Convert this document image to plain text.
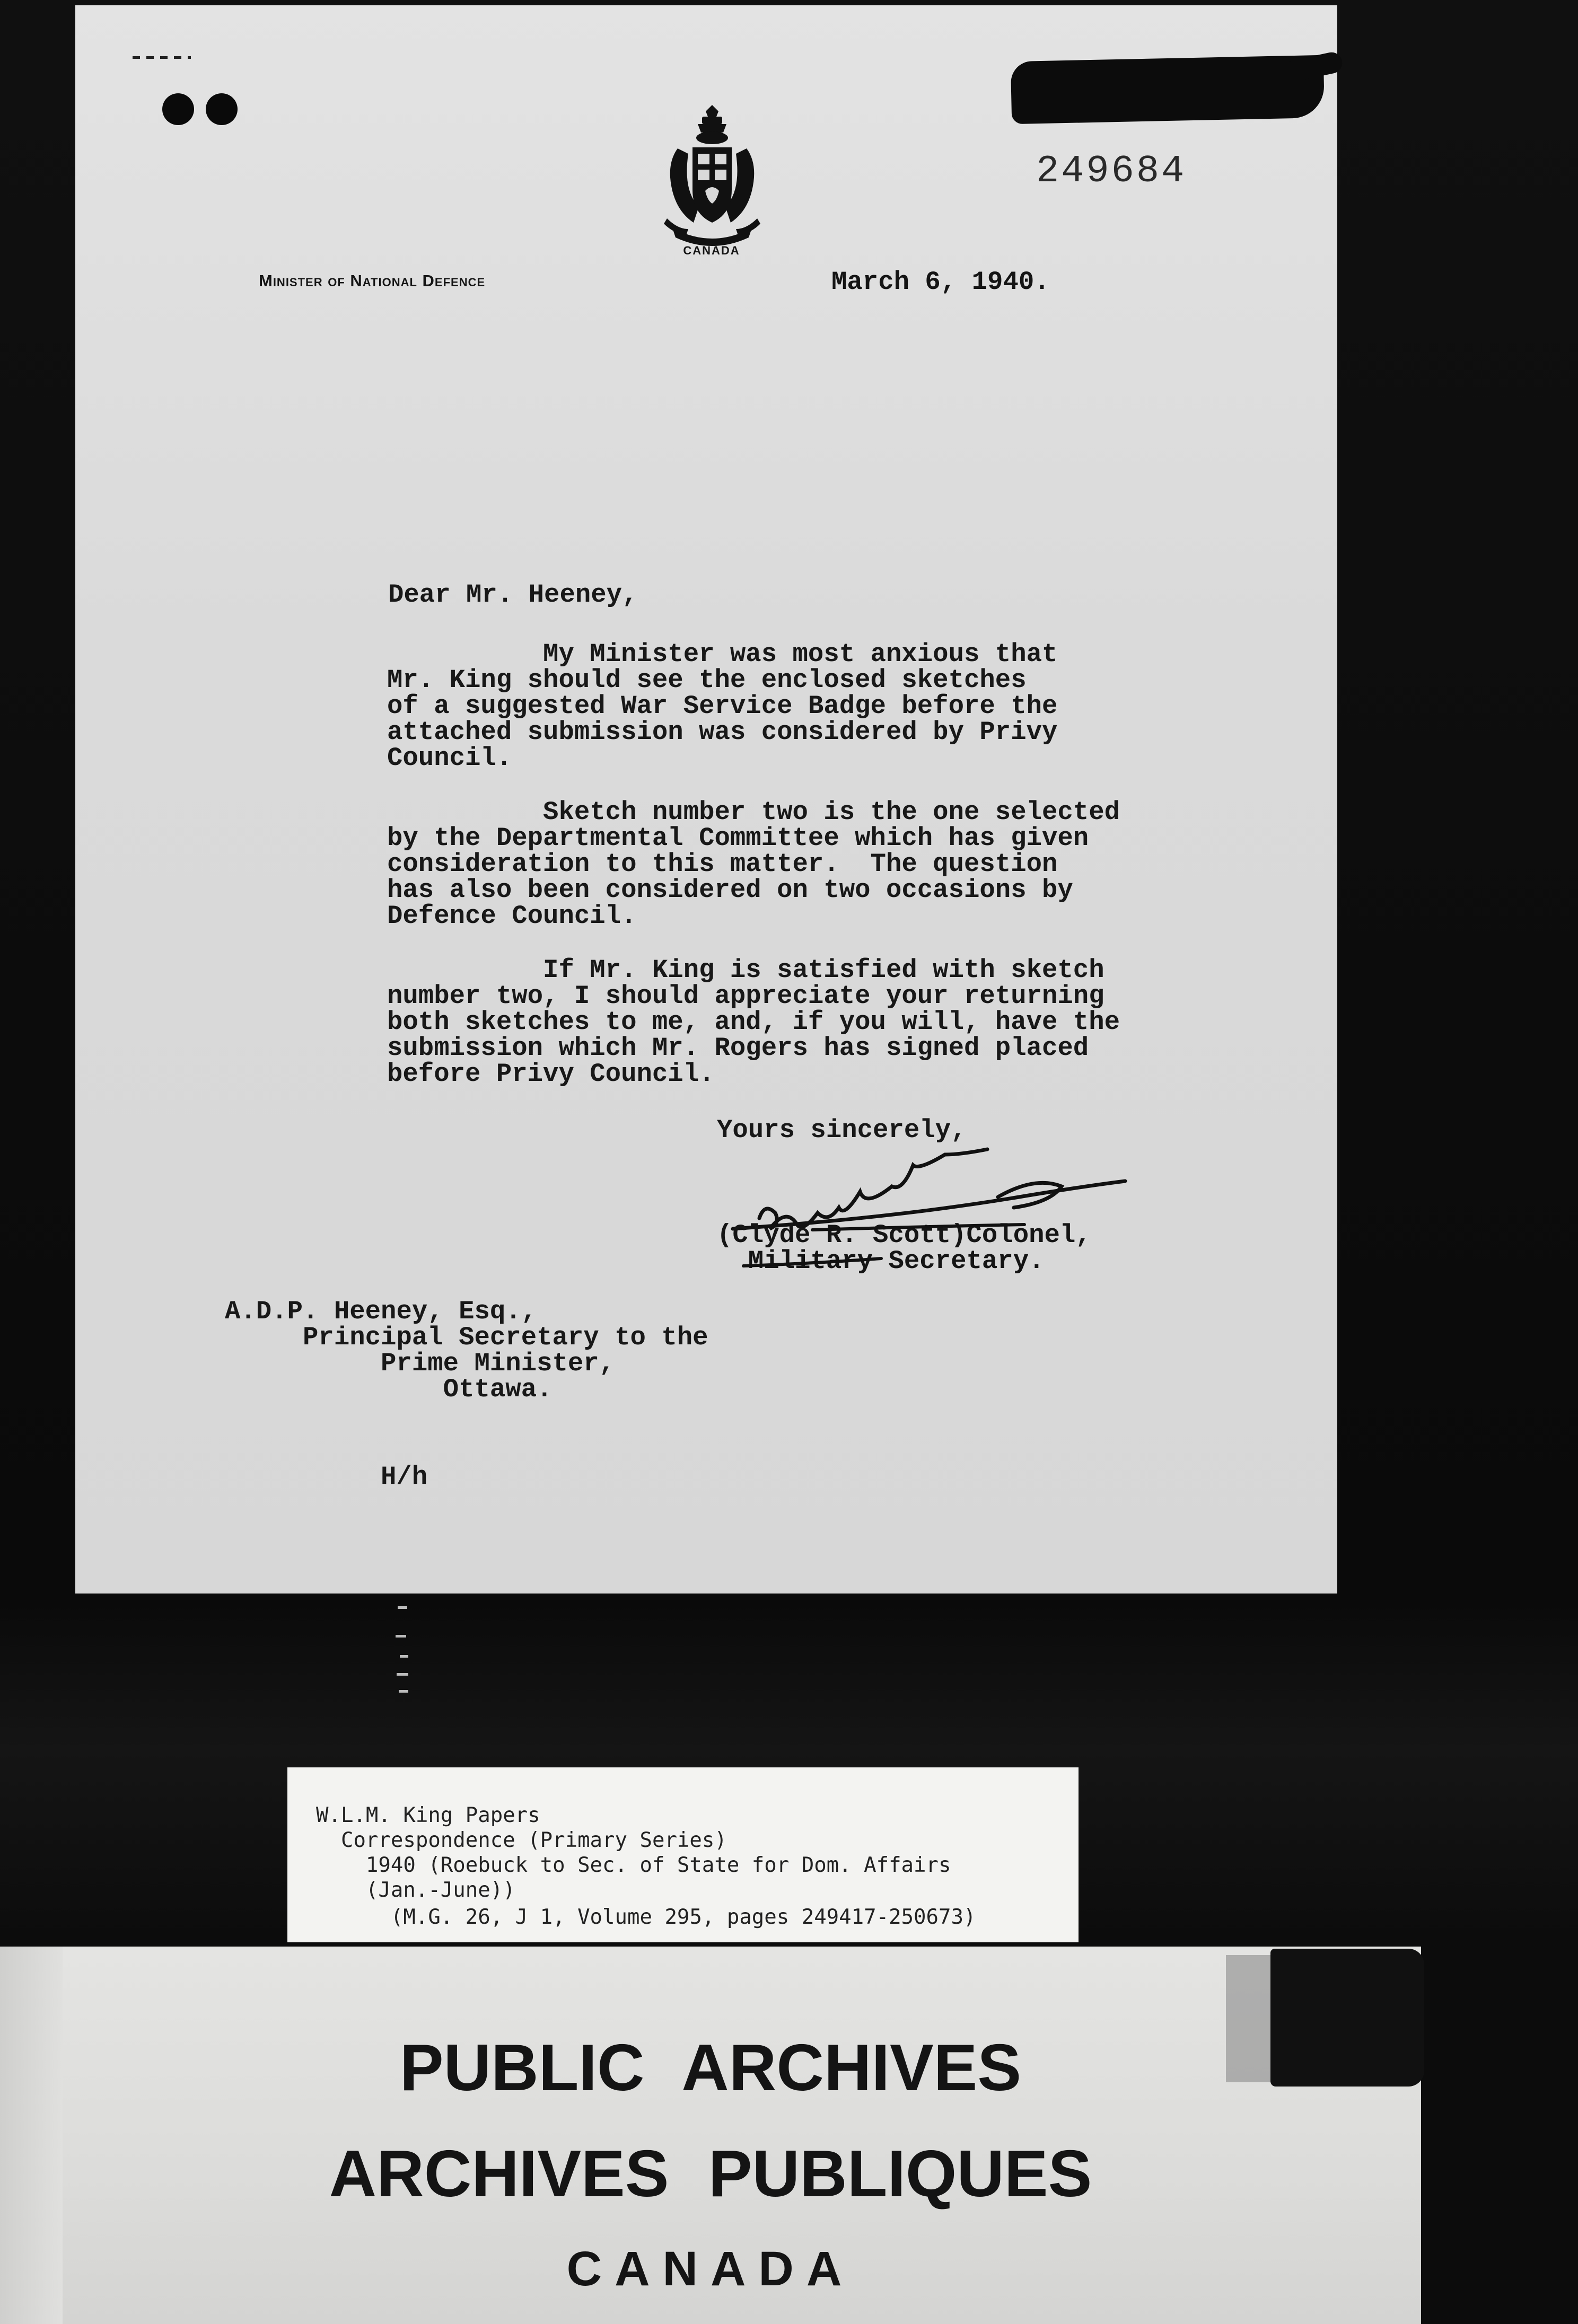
CANADA
249684
Minister of National Defence	March 6, 1940.
Dear Mr. Heeney,
My Minister was most anxious that
Mr. King should see the enclosed sketches
of a suggested War Service Badge before the
attached submission was considered by Privy
Council.
Sketch number two is the one selected
by the Departmental Committee which has given
consideration to this matter.  The question
has also been considered on two occasions by
Defence Council.
If Mr. King is satisfied with sketch
number two, I should appreciate your returning
both sketches to me, and, if you will, have the
submission which Mr. Rogers has signed placed
before Privy Council.
Yours sincerely,
(Clyde R. Scott)Colonel,
Military Secretary.
A.D.P. Heeney, Esq.,
Principal Secretary to the
Prime Minister,
Ottawa.
H/h
W.L.M. King Papers
Correspondence (Primary Series)
1940 (Roebuck to Sec. of State for Dom. Affairs
(Jan.-June))
(M.G. 26, J 1, Volume 295, pages 249417-250673)
PUBLIC ARCHIVES
ARCHIVES PUBLIQUES
CANADA
